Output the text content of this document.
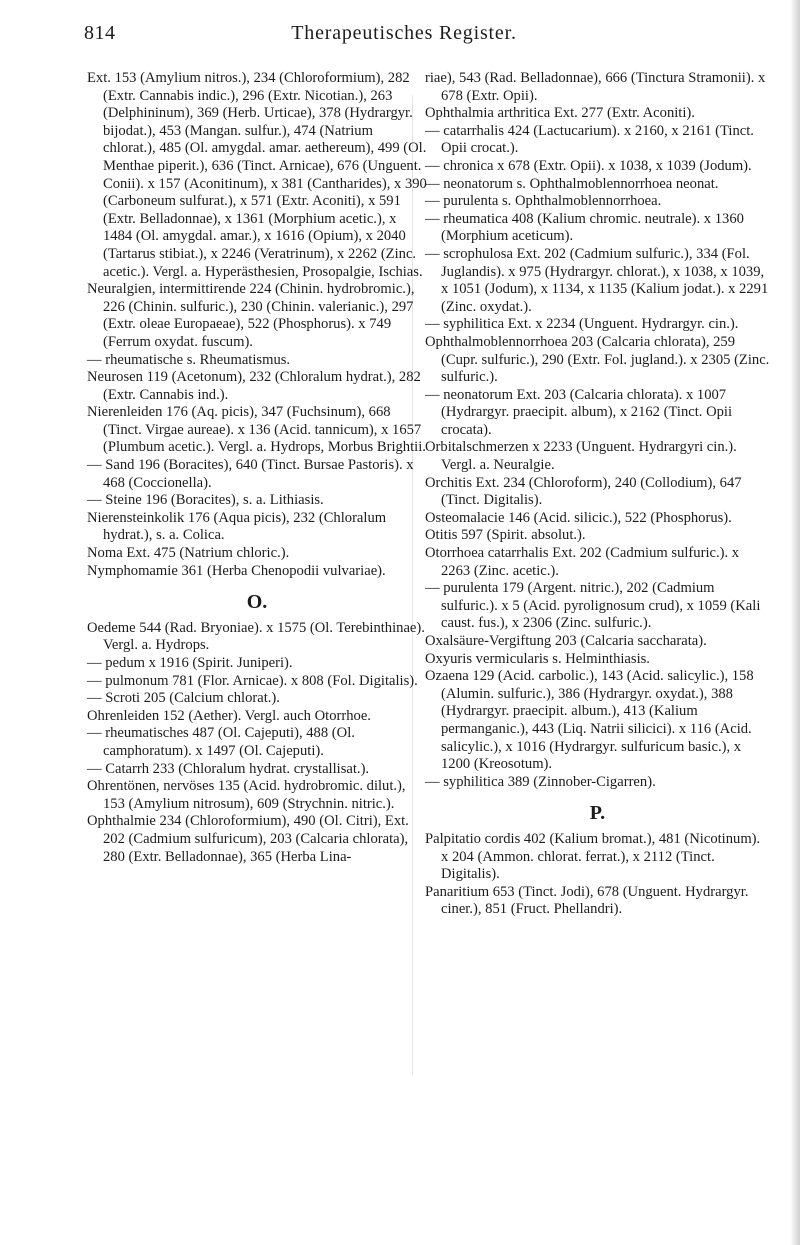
814	Therapeutisches Register.

Ext. 153 (Amylium nitros.), 234 (Chloroformium), 282 (Extr. Cannabis indic.), 296 (Extr. Nicotian.), 263 (Delphininum), 369 (Herb. Urticae), 378 (Hydrargyr. bijodat.), 453 (Mangan. sulfur.), 474 (Natrium chlorat.), 485 (Ol. amygdal. amar. aethereum), 499 (Ol. Menthae piperit.), 636 (Tinct. Arnicae), 676 (Unguent. Conii). x 157 (Aconitinum), x 381 (Cantharides), x 390 (Carboneum sulfurat.), x 571 (Extr. Aconiti), x 591 (Extr. Belladonnae), x 1361 (Morphium acetic.), x 1484 (Ol. amygdal. amar.), x 1616 (Opium), x 2040 (Tartarus stibiat.), x 2246 (Veratrinum), x 2262 (Zinc. acetic.). Vergl. a. Hyperästhesien, Prosopalgie, Ischias.

Neuralgien, intermittirende 224 (Chinin. hydrobromic.), 226 (Chinin. sulfuric.), 230 (Chinin. valerianic.), 297 (Extr. oleae Europaeae), 522 (Phosphorus). x 749 (Ferrum oxydat. fuscum).

— rheumatische s. Rheumatismus.

Neurosen 119 (Acetonum), 232 (Chloralum hydrat.), 282 (Extr. Cannabis ind.).

Nierenleiden 176 (Aq. picis), 347 (Fuchsinum), 668 (Tinct. Virgae aureae). x 136 (Acid. tannicum), x 1657 (Plumbum acetic.). Vergl. a. Hydrops, Morbus Brightii.

— Sand 196 (Boracites), 640 (Tinct. Bursae Pastoris). x 468 (Coccionella).

— Steine 196 (Boracites), s. a. Lithiasis.

Nierensteinkolik 176 (Aqua picis), 232 (Chloralum hydrat.), s. a. Colica.

Noma Ext. 475 (Natrium chloric.).

Nymphomamie 361 (Herba Chenopodii vulvariae).

O.

Oedeme 544 (Rad. Bryoniae). x 1575 (Ol. Terebinthinae). Vergl. a. Hydrops.

— pedum x 1916 (Spirit. Juniperi).

— pulmonum 781 (Flor. Arnicae). x 808 (Fol. Digitalis).

— Scroti 205 (Calcium chlorat.).

Ohrenleiden 152 (Aether). Vergl. auch Otorrhoe.

— rheumatisches 487 (Ol. Cajeputi), 488 (Ol. camphoratum). x 1497 (Ol. Cajeputi).

— Catarrh 233 (Chloralum hydrat. crystallisat.).

Ohrentönen, nervöses 135 (Acid. hydrobromic. dilut.), 153 (Amylium nitrosum), 609 (Strychnin. nitric.).

Ophthalmie 234 (Chloroformium), 490 (Ol. Citri), Ext. 202 (Cadmium sulfuricum), 203 (Calcaria chlorata), 280 (Extr. Belladonnae), 365 (Herba Lina-

riae), 543 (Rad. Belladonnae), 666 (Tinctura Stramonii). x 678 (Extr. Opii).

Ophthalmia arthritica Ext. 277 (Extr. Aconiti).

— catarrhalis 424 (Lactucarium). x 2160, x 2161 (Tinct. Opii crocat.).

— chronica x 678 (Extr. Opii). x 1038, x 1039 (Jodum).

— neonatorum s. Ophthalmoblennorrhoea neonat.

— purulenta s. Ophthalmoblennorrhoea.

— rheumatica 408 (Kalium chromic. neutrale). x 1360 (Morphium aceticum).

— scrophulosa Ext. 202 (Cadmium sulfuric.), 334 (Fol. Juglandis). x 975 (Hydrargyr. chlorat.), x 1038, x 1039, x 1051 (Jodum), x 1134, x 1135 (Kalium jodat.). x 2291 (Zinc. oxydat.).

— syphilitica Ext. x 2234 (Unguent. Hydrargyr. cin.).

Ophthalmoblennorrhoea 203 (Calcaria chlorata), 259 (Cupr. sulfuric.), 290 (Extr. Fol. jugland.). x 2305 (Zinc. sulfuric.).

— neonatorum Ext. 203 (Calcaria chlorata). x 1007 (Hydrargyr. praecipit. album), x 2162 (Tinct. Opii crocata).

Orbitalschmerzen x 2233 (Unguent. Hydrargyri cin.). Vergl. a. Neuralgie.

Orchitis Ext. 234 (Chloroform), 240 (Collodium), 647 (Tinct. Digitalis).

Osteomalacie 146 (Acid. silicic.), 522 (Phosphorus).

Otitis 597 (Spirit. absolut.).

Otorrhoea catarrhalis Ext. 202 (Cadmium sulfuric.). x 2263 (Zinc. acetic.).

— purulenta 179 (Argent. nitric.), 202 (Cadmium sulfuric.). x 5 (Acid. pyrolignosum crud), x 1059 (Kali caust. fus.), x 2306 (Zinc. sulfuric.).

Oxalsäure-Vergiftung 203 (Calcaria saccharata).

Oxyuris vermicularis s. Helminthiasis.

Ozaena 129 (Acid. carbolic.), 143 (Acid. salicylic.), 158 (Alumin. sulfuric.), 386 (Hydrargyr. oxydat.), 388 (Hydrargyr. praecipit. album.), 413 (Kalium permanganic.), 443 (Liq. Natrii silicici). x 116 (Acid. salicylic.), x 1016 (Hydrargyr. sulfuricum basic.), x 1200 (Kreosotum).

— syphilitica 389 (Zinnober-Cigarren).

P.

Palpitatio cordis 402 (Kalium bromat.), 481 (Nicotinum). x 204 (Ammon. chlorat. ferrat.), x 2112 (Tinct. Digitalis).

Panaritium 653 (Tinct. Jodi), 678 (Unguent. Hydrargyr. ciner.), 851 (Fruct. Phellandri).
